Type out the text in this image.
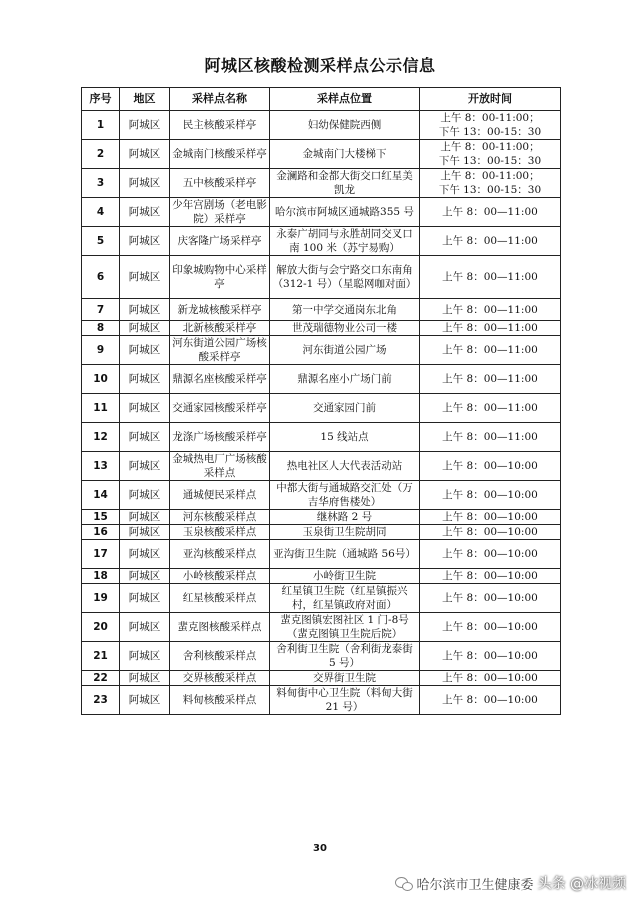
阿城区核酸检测采样点公示信息
序号	地区	采样点名称	采样点位置	开放时间
1	阿城区	民主核酸采样亭	妇幼保健院西侧	上午 8：00-11:00；
下午 13：00-15：30
2	阿城区	金城南门核酸采样亭	金城南门大楼梯下	上午 8：00-11:00；
下午 13：00-15：30
3	阿城区	五中核酸采样亭	金澜路和金都大街交口红星美凯龙	上午 8：00-11:00；
下午 13：00-15：30
4	阿城区	少年宫剧场（老电影院）采样亭	哈尔滨市阿城区通城路355 号	上午 8：00—11:00
5	阿城区	庆客隆广场采样亭	永泰广胡同与永胜胡同交叉口南 100 米（苏宁易购）	上午 8：00—11:00
6	阿城区	印象城购物中心采样亭	解放大街与会宁路交口东南角（312-1 号）（星聪网咖对面）	上午 8：00—11:00
7	阿城区	新龙城核酸采样亭	第一中学交通岗东北角	上午 8：00—11:00
8	阿城区	北新核酸采样亭	世茂瑞德物业公司一楼	上午 8：00—11:00
9	阿城区	河东街道公园广场核酸采样亭	河东街道公园广场	上午 8：00—11:00
10	阿城区	鼎源名座核酸采样亭	鼎源名座小广场门前	上午 8：00—11:00
11	阿城区	交通家园核酸采样亭	交通家园门前	上午 8：00—11:00
12	阿城区	龙涤广场核酸采样亭	15 线站点	上午 8：00—11:00
13	阿城区	金城热电厂广场核酸采样点	热电社区人大代表活动站	上午 8：00—10:00
14	阿城区	通城便民采样点	中都大街与通城路交汇处（万吉华府售楼处）	上午 8：00—10:00
15	阿城区	河东核酸采样点	继林路 2 号	上午 8：00—10:00
16	阿城区	玉泉核酸采样点	玉泉街卫生院胡同	上午 8：00—10:00
17	阿城区	亚沟核酸采样点	亚沟街卫生院（通城路 56号）	上午 8：00—10:00
18	阿城区	小岭核酸采样点	小岭街卫生院	上午 8：00—10:00
19	阿城区	红星核酸采样点	红星镇卫生院（红星镇振兴村，红星镇政府对面）	上午 8：00—10:00
20	阿城区	蜚克图核酸采样点	蜚克图镇宏图社区 1 门-8号（蜚克图镇卫生院后院）	上午 8：00—10:00
21	阿城区	舍利核酸采样点	舍利街卫生院（舍利街龙泰街 5 号）	上午 8：00—10:00
22	阿城区	交界核酸采样点	交界街卫生院	上午 8：00—10:00
23	阿城区	料甸核酸采样点	料甸街中心卫生院（料甸大街 21 号）	上午 8：00—10:00
30
哈尔滨市卫生健康委 头条 @冰视频
